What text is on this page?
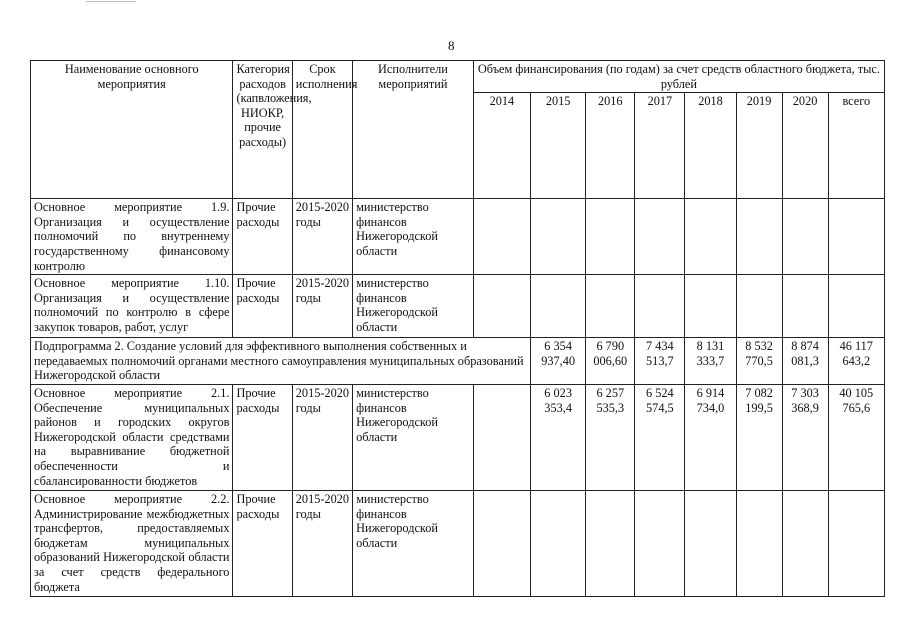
8
Наименование основного мероприятия	Категория расходов (капвложения, НИОКР, прочие расходы)	Срок исполнения	Исполнители мероприятий	Объем финансирования (по годам) за счет средств областного бюджета, тыс. рублей							
				2014	2015	2016	2017	2018	2019	2020	всего
Основное мероприятие 1.9. Организация и осуществление полномочий по внутреннему государственному финансовому контролю	Прочие расходы	2015-2020 годы	министерство финансов Нижегородской области								
Основное мероприятие 1.10. Организация и осуществление полномочий по контролю в сфере закупок товаров, работ, услуг	Прочие расходы	2015-2020 годы	министерство финансов Нижегородской области								
Подпрограмма 2. Создание условий для эффективного выполнения собственных и передаваемых полномочий органами местного самоуправления муниципальных образований Нижегородской области					6 354 937,40	6 790 006,60	7 434 513,7	8 131 333,7	8 532 770,5	8 874 081,3	46 117 643,2
Основное мероприятие 2.1. Обеспечение муниципальных районов и городских округов Нижегородской области средствами на выравнивание бюджетной обеспеченности и сбалансированности бюджетов	Прочие расходы	2015-2020 годы	министерство финансов Нижегородской области		6 023 353,4	6 257 535,3	6 524 574,5	6 914 734,0	7 082 199,5	7 303 368,9	40 105 765,6
Основное мероприятие 2.2. Администрирование межбюджетных трансфертов, предоставляемых бюджетам муниципальных образований Нижегородской области за счет средств федерального бюджета	Прочие расходы	2015-2020 годы	министерство финансов Нижегородской области								
